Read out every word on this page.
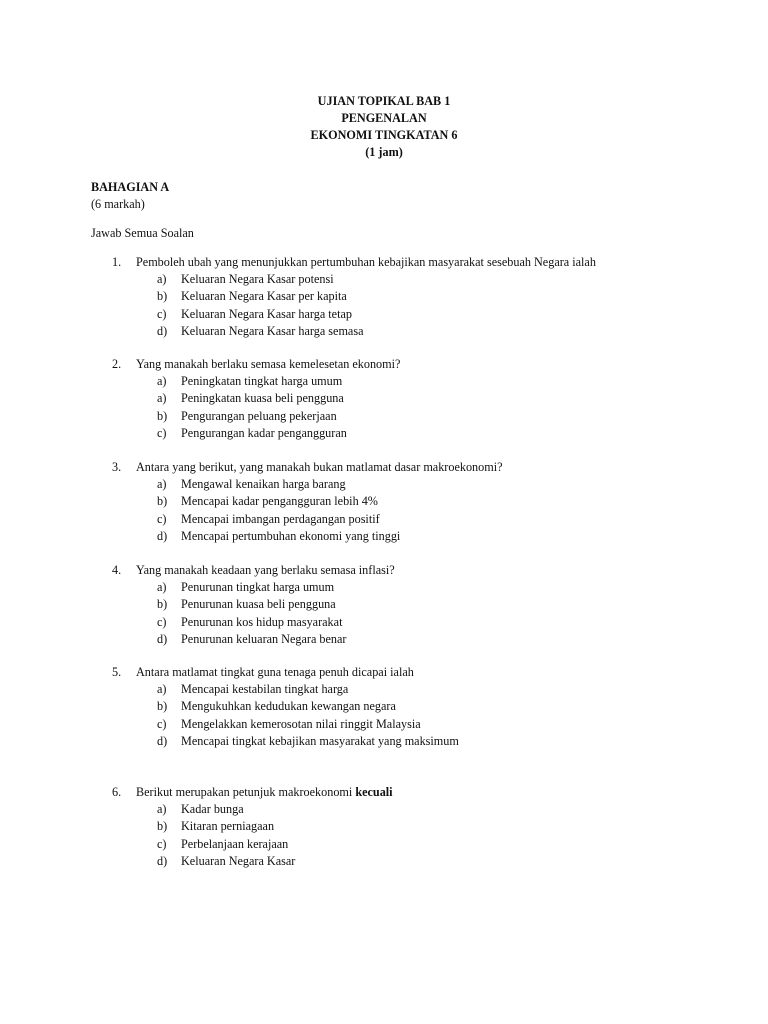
UJIAN TOPIKAL BAB 1
PENGENALAN
EKONOMI TINGKATAN 6
(1 jam)
BAHAGIAN A
(6 markah)
Jawab Semua Soalan
1. Pemboleh ubah yang menunjukkan pertumbuhan kebajikan masyarakat sesebuah Negara ialah
a) Keluaran Negara Kasar potensi
b) Keluaran Negara Kasar per kapita
c) Keluaran Negara Kasar harga tetap
d) Keluaran Negara Kasar harga semasa
2. Yang manakah berlaku semasa kemelesetan ekonomi?
a) Peningkatan tingkat harga umum
a) Peningkatan kuasa beli pengguna
b) Pengurangan peluang pekerjaan
c) Pengurangan kadar pengangguran
3. Antara yang berikut, yang manakah bukan matlamat dasar makroekonomi?
a) Mengawal kenaikan harga barang
b) Mencapai kadar pengangguran lebih 4%
c) Mencapai imbangan perdagangan positif
d) Mencapai pertumbuhan ekonomi yang tinggi
4. Yang manakah keadaan yang berlaku semasa inflasi?
a) Penurunan tingkat harga umum
b) Penurunan kuasa beli pengguna
c) Penurunan kos hidup masyarakat
d) Penurunan keluaran Negara benar
5. Antara matlamat tingkat guna tenaga penuh dicapai ialah
a) Mencapai kestabilan tingkat harga
b) Mengukuhkan kedudukan kewangan negara
c) Mengelakkan kemerosotan nilai ringgit Malaysia
d) Mencapai tingkat kebajikan masyarakat yang maksimum
6. Berikut merupakan petunjuk makroekonomi kecuali
a) Kadar bunga
b) Kitaran perniagaan
c) Perbelanjaan kerajaan
d) Keluaran Negara Kasar
